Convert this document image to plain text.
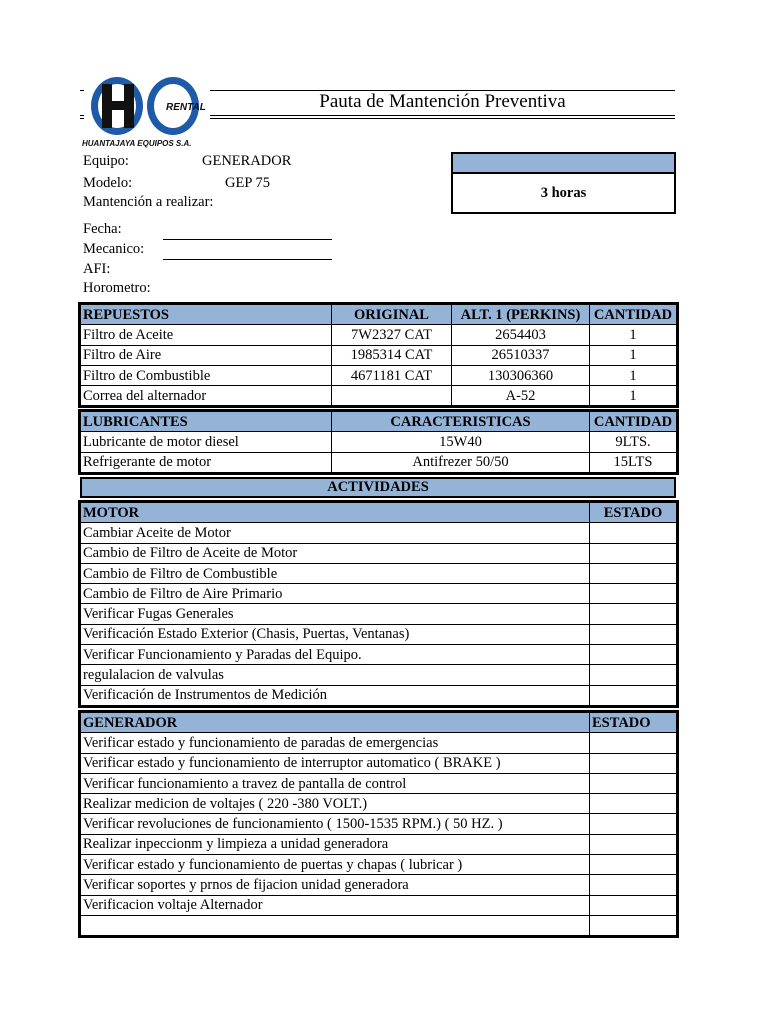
RENTAL
HUANTAJAYA EQUIPOS S.A.
Pauta de Mantención Preventiva
Equipo:	GENERADOR
Modelo:	GEP 75
Mantención a realizar:
3 horas
Fecha:
Mecanico:
AFI:
Horometro:
REPUESTOS	ORIGINAL	ALT. 1 (PERKINS)	CANTIDAD
Filtro de Aceite	7W2327 CAT	2654403	1
Filtro de Aire	1985314 CAT	26510337	1
Filtro de Combustible	4671181 CAT	130306360	1
Correa del alternador		A-52	1
LUBRICANTES	CARACTERISTICAS	CANTIDAD
Lubricante de motor diesel	15W40	9LTS.
Refrigerante de motor	Antifrezer 50/50	15LTS
ACTIVIDADES
MOTOR	ESTADO
Cambiar Aceite de Motor	
Cambio de Filtro de Aceite de Motor	
Cambio de Filtro de Combustible	
Cambio de Filtro de Aire Primario	
Verificar Fugas Generales	
Verificación Estado Exterior (Chasis, Puertas, Ventanas)	
Verificar Funcionamiento y Paradas del Equipo.	
regulalacion de valvulas	
Verificación de Instrumentos de Medición	
GENERADOR	ESTADO
Verificar estado y funcionamiento de paradas de emergencias	
Verificar estado y funcionamiento de interruptor automatico ( BRAKE )	
Verificar funcionamiento a travez de pantalla de control	
Realizar medicion de voltajes ( 220 -380 VOLT.)	
Verificar revoluciones de funcionamiento ( 1500-1535 RPM.) ( 50 HZ. )	
Realizar inpeccionm y limpieza a unidad generadora	
Verificar estado y funcionamiento de puertas y chapas ( lubricar )	
Verificar soportes y prnos de fijacion unidad generadora	
Verificacion voltaje Alternador	
